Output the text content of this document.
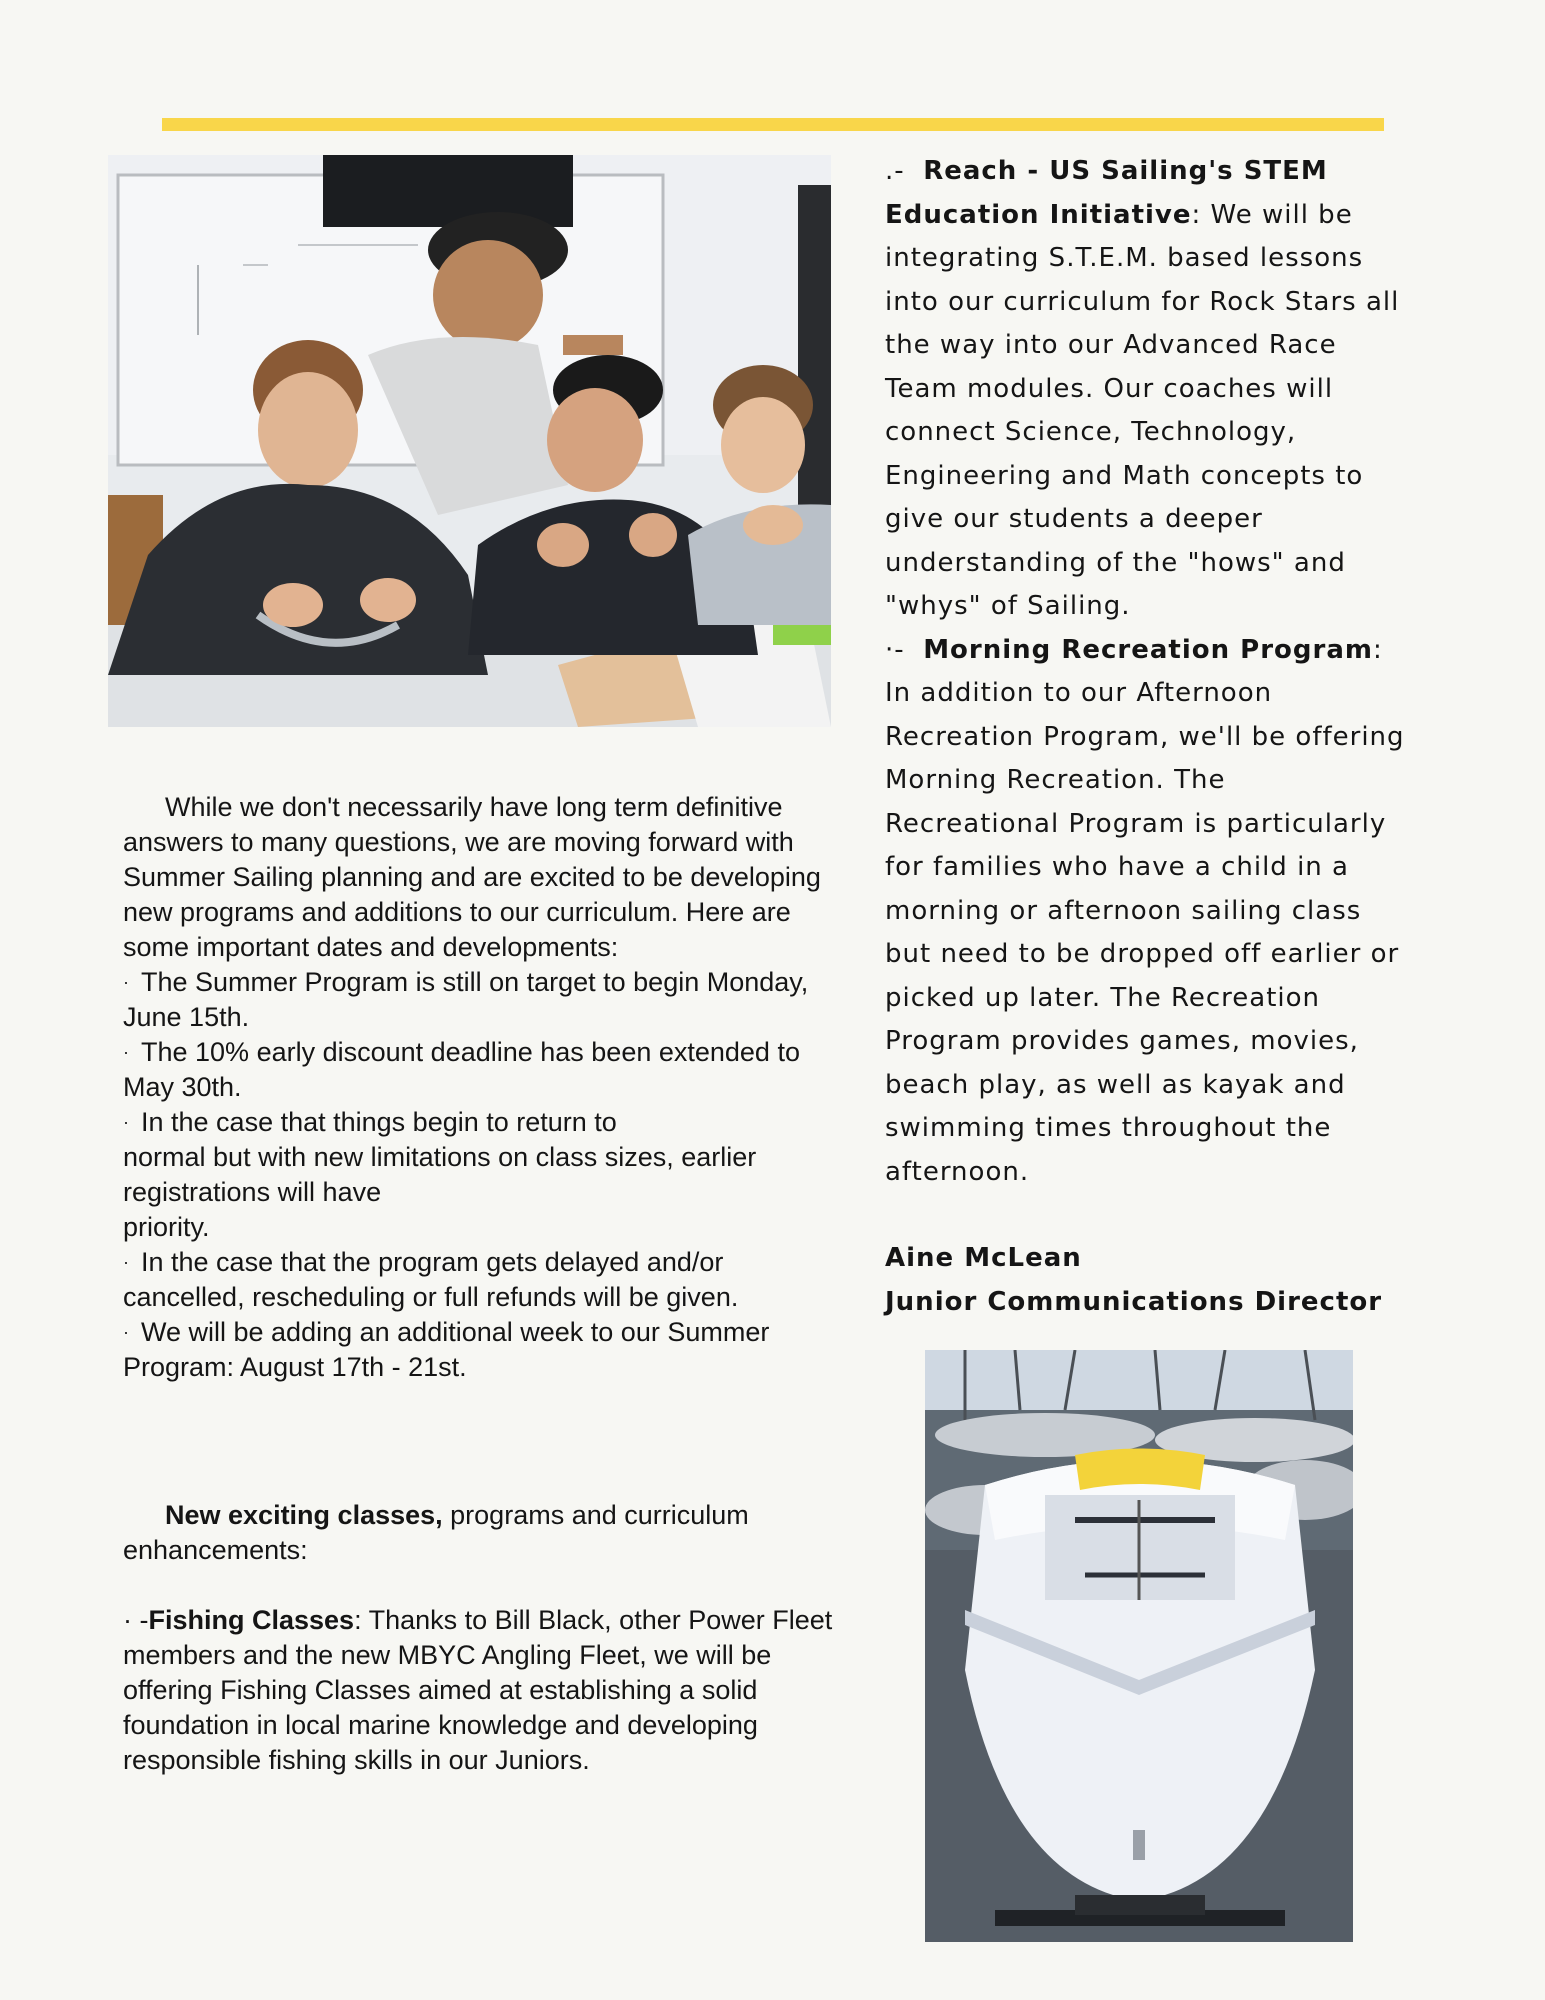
While we don't necessarily have long term definitive answers to many questions, we are moving forward with Summer Sailing planning and are excited to be developing new programs and additions to our curriculum. Here are some important dates and developments:

· The Summer Program is still on target to begin Monday, June 15th.

· The 10% early discount deadline has been extended to May 30th.

· In the case that things begin to return to

normal but with new limitations on class sizes, earlier registrations will have

priority.

· In the case that the program gets delayed and/or cancelled, rescheduling or full refunds will be given.

· We will be adding an additional week to our Summer Program: August 17th - 21st.

New exciting classes, programs and curriculum enhancements:

· -Fishing Classes: Thanks to Bill Black, other Power Fleet members and the new MBYC Angling Fleet, we will be offering Fishing Classes aimed at establishing a solid foundation in local marine knowledge and developing responsible fishing skills in our Juniors.

.- Reach - US Sailing's STEM Education Initiative: We will be integrating S.T.E.M. based lessons into our curriculum for Rock Stars all the way into our Advanced Race Team modules. Our coaches will connect Science, Technology, Engineering and Math concepts to give our students a deeper understanding of the "hows" and "whys" of Sailing.

·- Morning Recreation Program: In addition to our Afternoon Recreation Program, we'll be offering Morning Recreation. The Recreational Program is particularly for families who have a child in a morning or afternoon sailing class but need to be dropped off earlier or picked up later. The Recreation Program provides games, movies, beach play, as well as kayak and swimming times throughout the afternoon.

Aine McLean

Junior Communications Director
